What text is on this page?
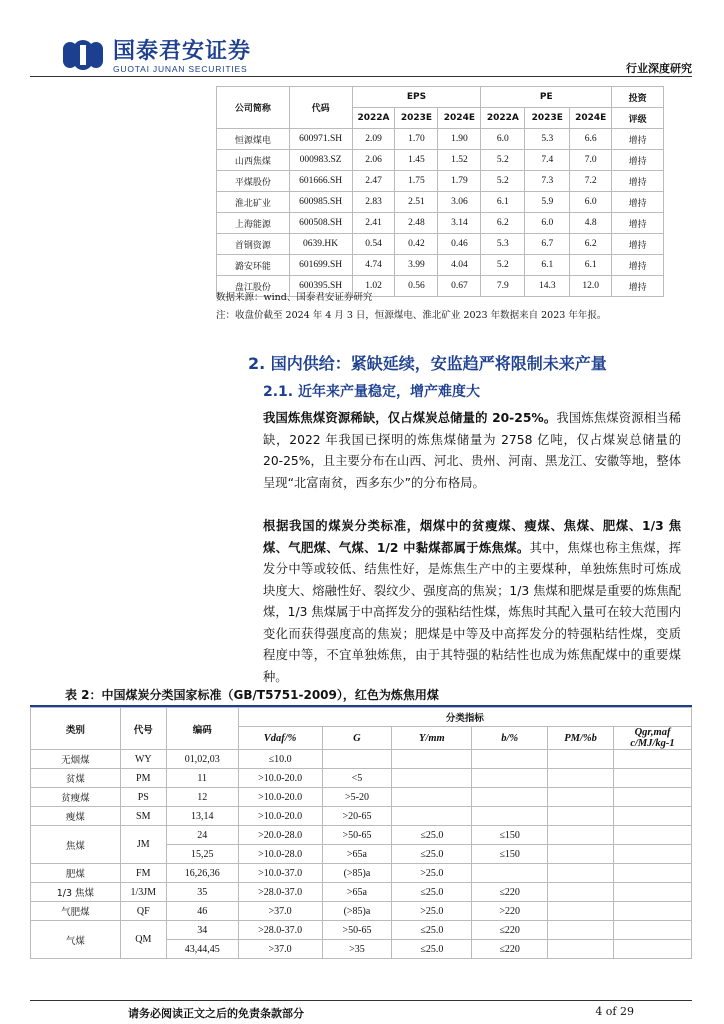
国泰君安证券
GUOTAI JUNAN SECURITIES	行业深度研究
公司简称	代码	EPS			PE			投资
		2022A	2023E	2024E	2022A	2023E	2024E	评级
恒源煤电	600971.SH	2.09	1.70	1.90	6.0	5.3	6.6	增持
山西焦煤	000983.SZ	2.06	1.45	1.52	5.2	7.4	7.0	增持
平煤股份	601666.SH	2.47	1.75	1.79	5.2	7.3	7.2	增持
淮北矿业	600985.SH	2.83	2.51	3.06	6.1	5.9	6.0	增持
上海能源	600508.SH	2.41	2.48	3.14	6.2	6.0	4.8	增持
首钢资源	0639.HK	0.54	0.42	0.46	5.3	6.7	6.2	增持
潞安环能	601699.SH	4.74	3.99	4.04	5.2	6.1	6.1	增持
盘江股份	600395.SH	1.02	0.56	0.67	7.9	14.3	12.0	增持
数据来源：wind、国泰君安证券研究
注：收盘价截至 2024 年 4 月 3 日，恒源煤电、淮北矿业 2023 年数据来自 2023 年年报。
2. 国内供给：紧缺延续，安监趋严将限制未来产量
2.1. 近年来产量稳定，增产难度大
我国炼焦煤资源稀缺，仅占煤炭总储量的 20-25%。我国炼焦煤资源相当稀缺，2022 年我国已探明的炼焦煤储量为 2758 亿吨，仅占煤炭总储量的 20-25%，且主要分布在山西、河北、贵州、河南、黑龙江、安徽等地，整体呈现“北富南贫，西多东少”的分布格局。
根据我国的煤炭分类标准，烟煤中的贫瘦煤、瘦煤、焦煤、肥煤、1/3 焦煤、气肥煤、气煤、1/2 中黏煤都属于炼焦煤。其中，焦煤也称主焦煤，挥发分中等或较低、结焦性好，是炼焦生产中的主要煤种，单独炼焦时可炼成块度大、熔融性好、裂纹少、强度高的焦炭；1/3 焦煤和肥煤是重要的炼焦配煤，1/3 焦煤属于中高挥发分的强粘结性煤，炼焦时其配入量可在较大范围内变化而获得强度高的焦炭；肥煤是中等及中高挥发分的特强粘结性煤，变质程度中等，不宜单独炼焦，由于其特强的粘结性也成为炼焦配煤中的重要煤种。
表 2：中国煤炭分类国家标准（GB/T5751-2009），红色为炼焦用煤
类别	代号	编码	分类指标					
			Vdaf/%	G	Y/mm	b/%	PM/%b	Qgr,maf c/MJ/kg-1
无烟煤	WY	01,02,03	≤10.0					
贫煤	PM	11	>10.0-20.0	<5				
贫瘦煤	PS	12	>10.0-20.0	>5-20				
瘦煤	SM	13,14	>10.0-20.0	>20-65				
焦煤	JM	24	>20.0-28.0	>50-65	≤25.0	≤150		
		15,25	>10.0-28.0	>65a	≤25.0	≤150		
肥煤	FM	16,26,36	>10.0-37.0	(>85)a	>25.0			
1/3 焦煤	1/3JM	35	>28.0-37.0	>65a	≤25.0	≤220		
气肥煤	QF	46	>37.0	(>85)a	>25.0	>220		
气煤	QM	34	>28.0-37.0	>50-65	≤25.0	≤220		
		43,44,45	>37.0	>35	≤25.0	≤220		
请务必阅读正文之后的免责条款部分	4 of 29
